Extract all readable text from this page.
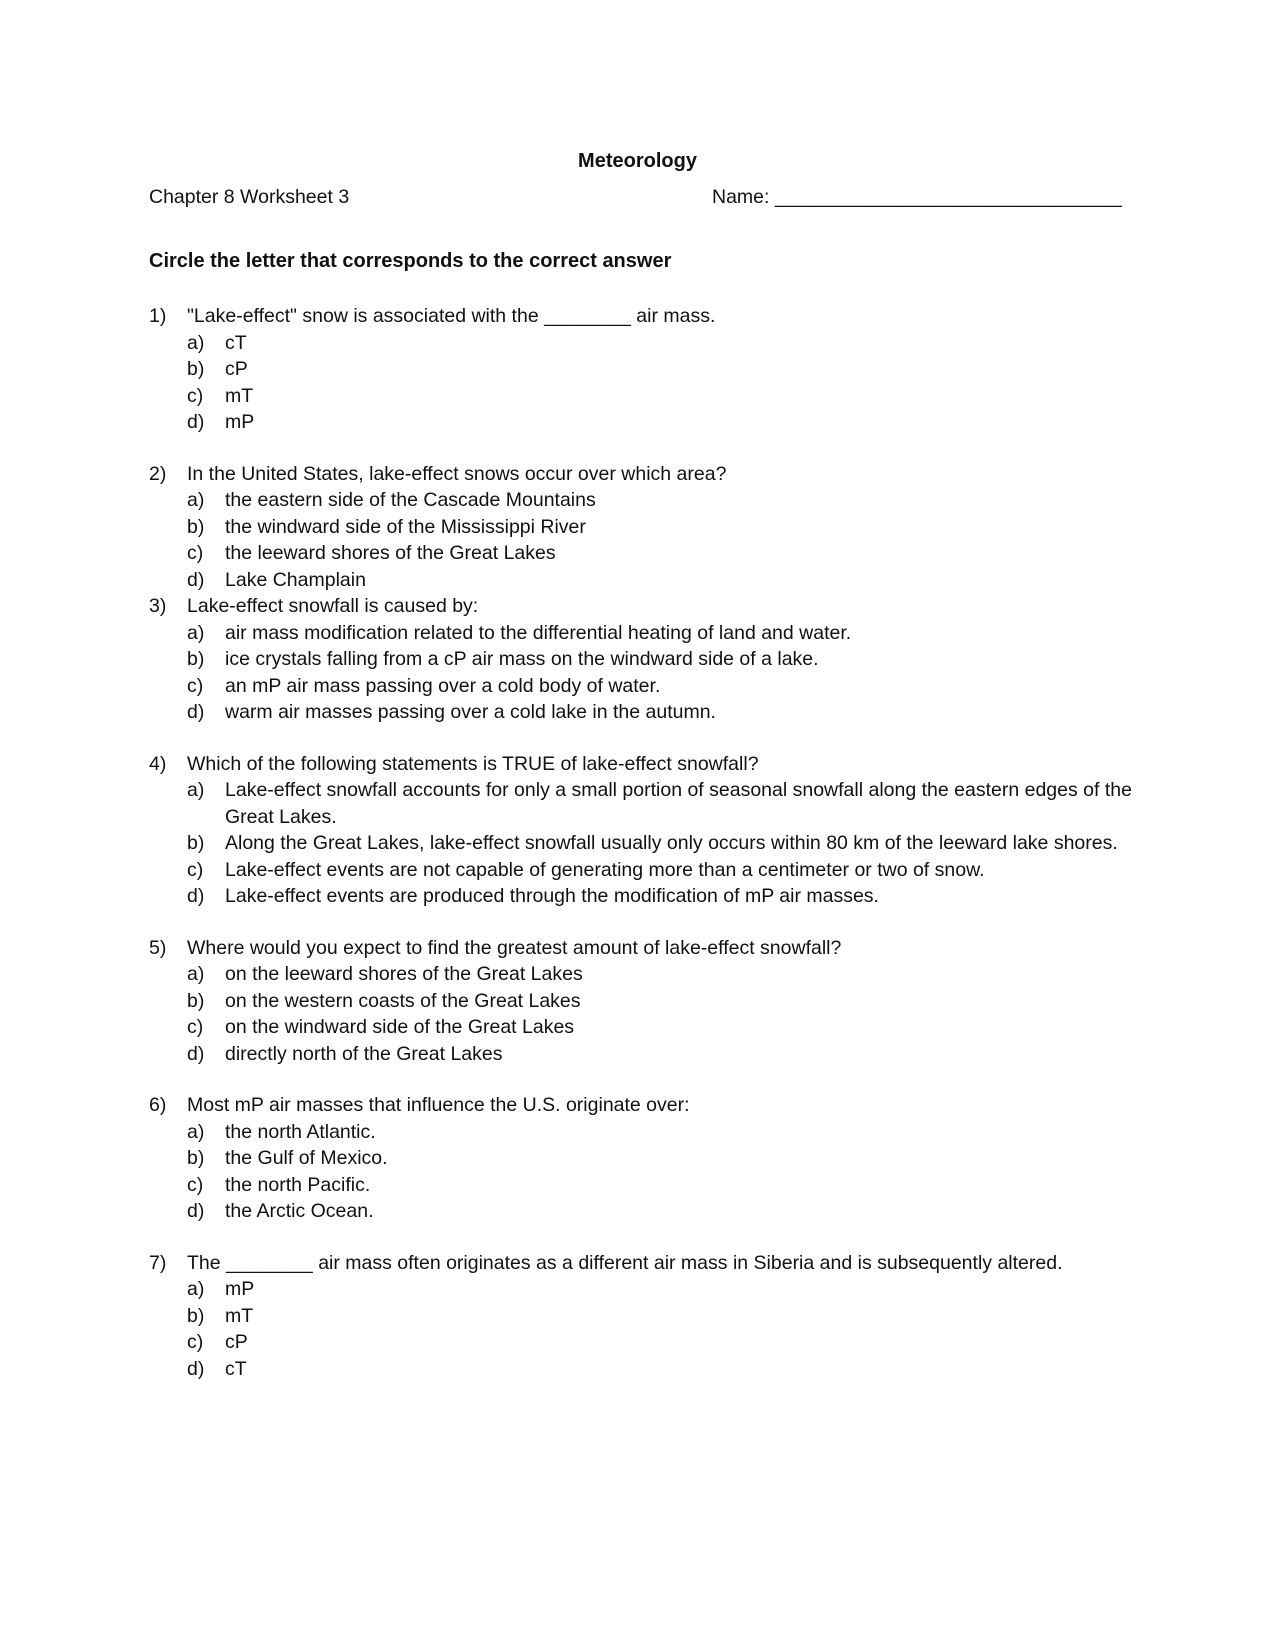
Meteorology
Chapter 8 Worksheet 3	Name: ________________________________
Circle the letter that corresponds to the correct answer
1)	"Lake-effect" snow is associated with the ________ air mass.
a)	cT
b)	cP
c)	mT
d)	mP
2)	In the United States, lake-effect snows occur over which area?
a)	the eastern side of the Cascade Mountains
b)	the windward side of the Mississippi River
c)	the leeward shores of the Great Lakes
d)	Lake Champlain
3)	Lake-effect snowfall is caused by:
a)	air mass modification related to the differential heating of land and water.
b)	ice crystals falling from a cP air mass on the windward side of a lake.
c)	an mP air mass passing over a cold body of water.
d)	warm air masses passing over a cold lake in the autumn.
4)	Which of the following statements is TRUE of lake-effect snowfall?
a)	Lake-effect snowfall accounts for only a small portion of seasonal snowfall along the eastern edges of the Great Lakes.
b)	Along the Great Lakes, lake-effect snowfall usually only occurs within 80 km of the leeward lake shores.
c)	Lake-effect events are not capable of generating more than a centimeter or two of snow.
d)	Lake-effect events are produced through the modification of mP air masses.
5)	Where would you expect to find the greatest amount of lake-effect snowfall?
a)	on the leeward shores of the Great Lakes
b)	on the western coasts of the Great Lakes
c)	on the windward side of the Great Lakes
d)	directly north of the Great Lakes
6)	Most mP air masses that influence the U.S. originate over:
a)	the north Atlantic.
b)	the Gulf of Mexico.
c)	the north Pacific.
d)	the Arctic Ocean.
7)	The ________ air mass often originates as a different air mass in Siberia and is subsequently altered.
a)	mP
b)	mT
c)	cP
d)	cT
